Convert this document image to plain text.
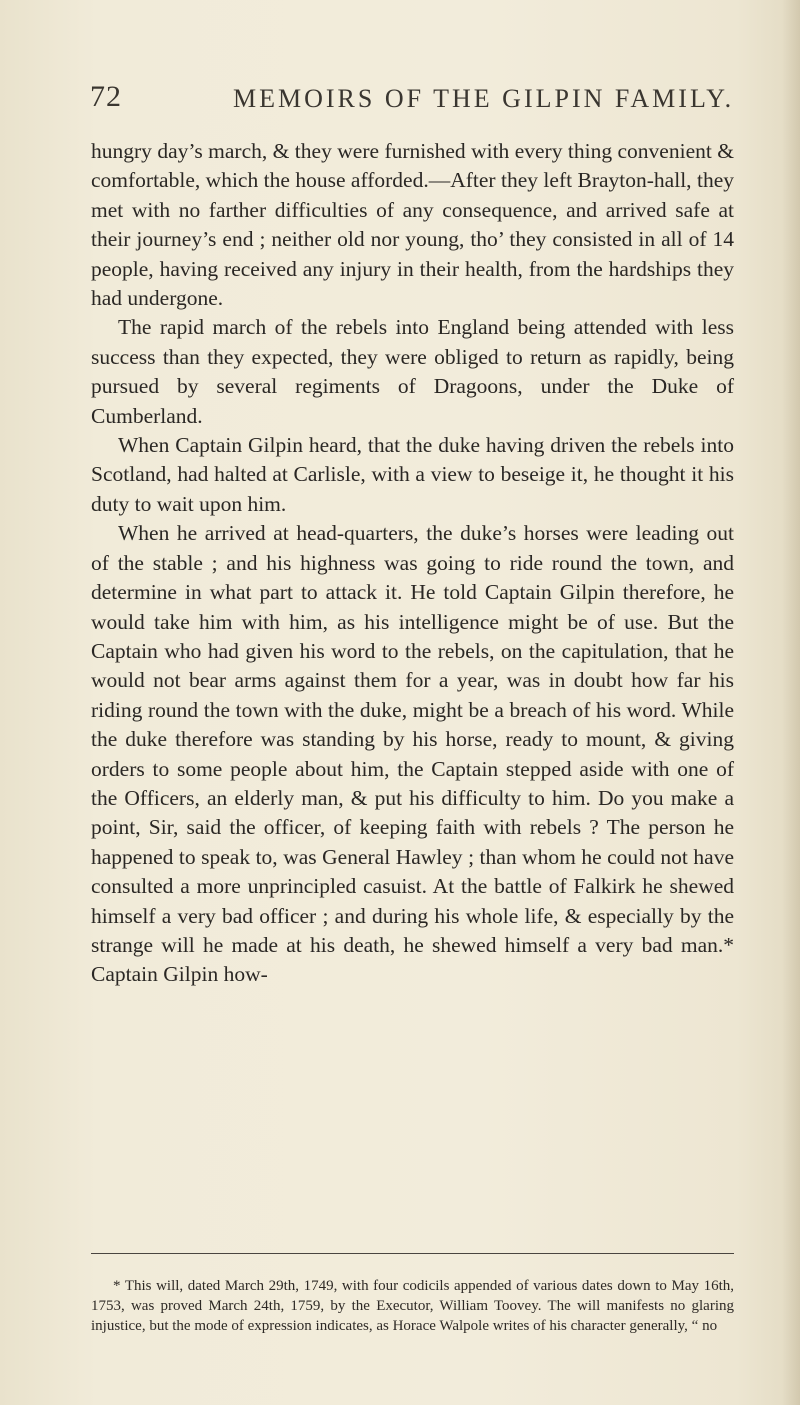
72	MEMOIRS OF THE GILPIN FAMILY.

hungry day’s march, & they were furnished with every thing convenient & comfortable, which the house afforded.—After they left Brayton-hall, they met with no farther difficulties of any consequence, and arrived safe at their journey’s end ; neither old nor young, tho’ they consisted in all of 14 people, having received any injury in their health, from the hardships they had undergone.

The rapid march of the rebels into England being attended with less success than they expected, they were obliged to return as rapidly, being pursued by several regiments of Dragoons, under the Duke of Cumberland.

When Captain Gilpin heard, that the duke having driven the rebels into Scotland, had halted at Carlisle, with a view to beseige it, he thought it his duty to wait upon him.

When he arrived at head-quarters, the duke’s horses were leading out of the stable ; and his highness was going to ride round the town, and determine in what part to attack it. He told Captain Gilpin therefore, he would take him with him, as his intelligence might be of use. But the Captain who had given his word to the rebels, on the capitulation, that he would not bear arms against them for a year, was in doubt how far his riding round the town with the duke, might be a breach of his word. While the duke therefore was standing by his horse, ready to mount, & giving orders to some people about him, the Captain stepped aside with one of the Officers, an elderly man, & put his difficulty to him. Do you make a point, Sir, said the officer, of keeping faith with rebels ? The person he happened to speak to, was General Hawley ; than whom he could not have consulted a more unprincipled casuist. At the battle of Falkirk he shewed himself a very bad officer ; and during his whole life, & especially by the strange will he made at his death, he shewed himself a very bad man.* Captain Gilpin how-

* This will, dated March 29th, 1749, with four codicils appended of various dates down to May 16th, 1753, was proved March 24th, 1759, by the Executor, William Toovey. The will manifests no glaring injustice, but the mode of expression indicates, as Horace Walpole writes of his character generally, “ no
